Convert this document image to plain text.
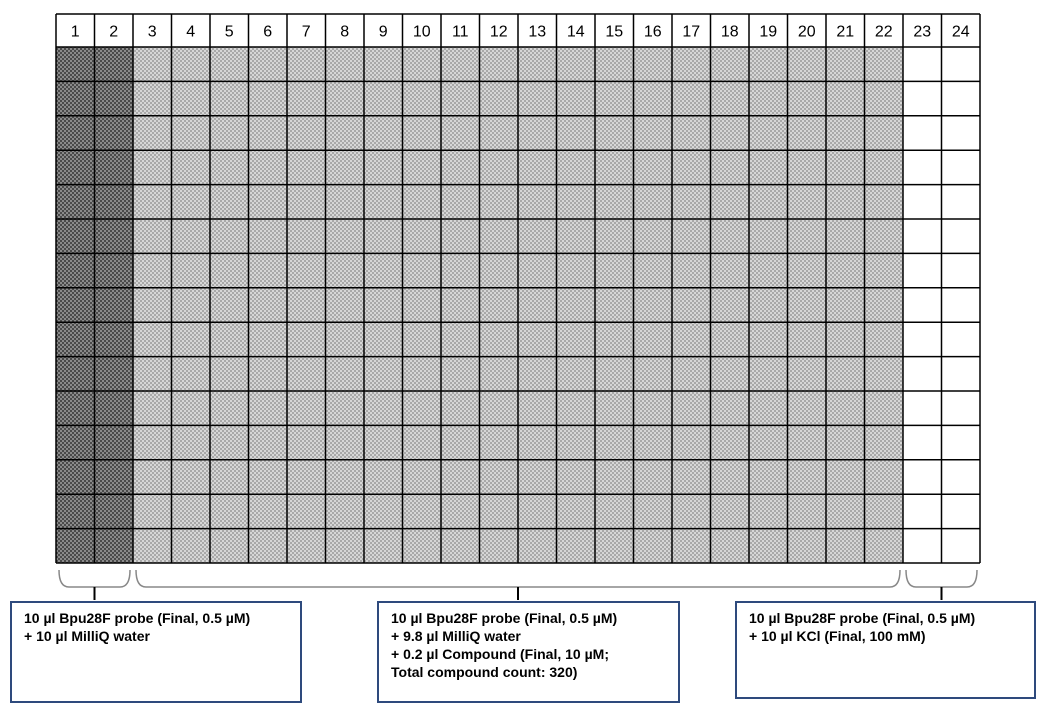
1 2 3 4 5 6 7 8 9 10 11 12 13 14 15 16 17 18 19 20 21 22 23 24
10 µl Bpu28F probe (Final, 0.5 µM)
+ 10 µl MilliQ water
10 µl Bpu28F probe (Final, 0.5 µM)
+ 9.8 µl MilliQ water
+ 0.2 µl Compound (Final, 10 µM;
Total compound count: 320)
10 µl Bpu28F probe (Final, 0.5 µM)
+ 10 µl KCl (Final, 100 mM)
